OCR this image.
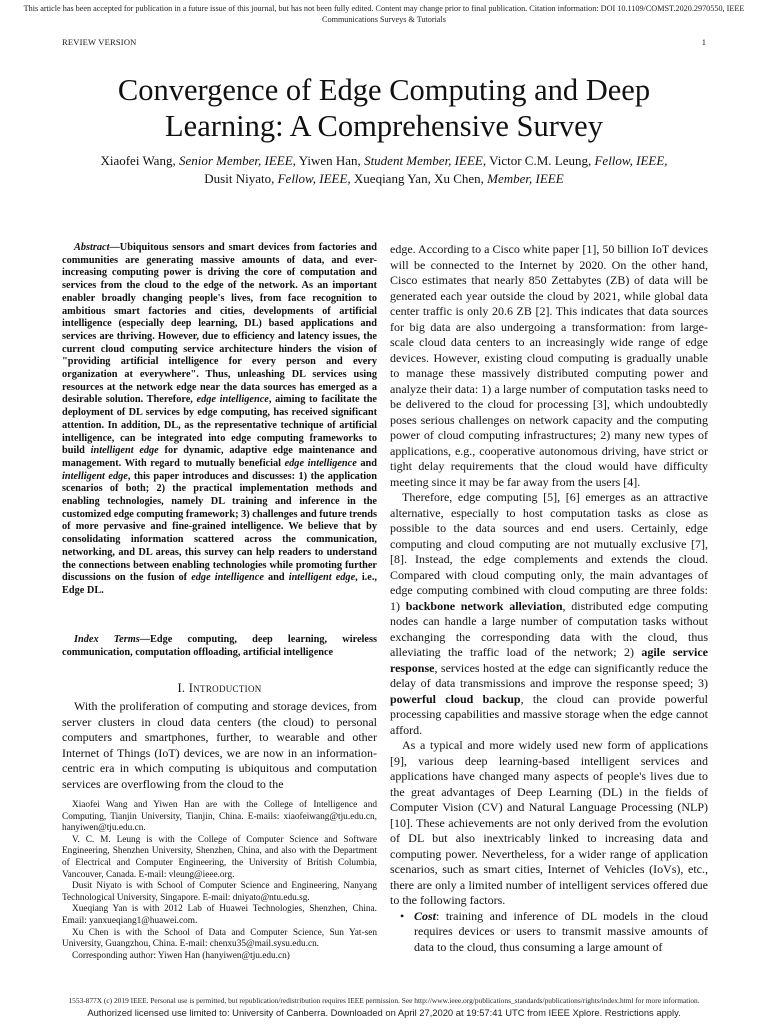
This article has been accepted for publication in a future issue of this journal, but has not been fully edited. Content may change prior to final publication. Citation information: DOI 10.1109/COMST.2020.2970550, IEEE Communications Surveys & Tutorials
REVIEW VERSION	1
Convergence of Edge Computing and Deep Learning: A Comprehensive Survey
Xiaofei Wang, Senior Member, IEEE, Yiwen Han, Student Member, IEEE, Victor C.M. Leung, Fellow, IEEE,
Dusit Niyato, Fellow, IEEE, Xueqiang Yan, Xu Chen, Member, IEEE
Abstract—Ubiquitous sensors and smart devices from factories and communities are generating massive amounts of data, and ever-increasing computing power is driving the core of computation and services from the cloud to the edge of the network. As an important enabler broadly changing people's lives, from face recognition to ambitious smart factories and cities, developments of artificial intelligence (especially deep learning, DL) based applications and services are thriving. However, due to efficiency and latency issues, the current cloud computing service architecture hinders the vision of "providing artificial intelligence for every person and every organization at everywhere". Thus, unleashing DL services using resources at the network edge near the data sources has emerged as a desirable solution. Therefore, edge intelligence, aiming to facilitate the deployment of DL services by edge computing, has received significant attention. In addition, DL, as the representative technique of artificial intelligence, can be integrated into edge computing frameworks to build intelligent edge for dynamic, adaptive edge maintenance and management. With regard to mutually beneficial edge intelligence and intelligent edge, this paper introduces and discusses: 1) the application scenarios of both; 2) the practical implementation methods and enabling technologies, namely DL training and inference in the customized edge computing framework; 3) challenges and future trends of more pervasive and fine-grained intelligence. We believe that by consolidating information scattered across the communication, networking, and DL areas, this survey can help readers to understand the connections between enabling technologies while promoting further discussions on the fusion of edge intelligence and intelligent edge, i.e., Edge DL.
Index Terms—Edge computing, deep learning, wireless communication, computation offloading, artificial intelligence
I. Introduction
With the proliferation of computing and storage devices, from server clusters in cloud data centers (the cloud) to personal computers and smartphones, further, to wearable and other Internet of Things (IoT) devices, we are now in an information-centric era in which computing is ubiquitous and computation services are overflowing from the cloud to the

Xiaofei Wang and Yiwen Han are with the College of Intelligence and Computing, Tianjin University, Tianjin, China. E-mails: xiaofeiwang@tju.edu.cn, hanyiwen@tju.edu.cn.

V. C. M. Leung is with the College of Computer Science and Software Engineering, Shenzhen University, Shenzhen, China, and also with the Department of Electrical and Computer Engineering, the University of British Columbia, Vancouver, Canada. E-mail: vleung@ieee.org.

Dusit Niyato is with School of Computer Science and Engineering, Nanyang Technological University, Singapore. E-mail: dniyato@ntu.edu.sg.

Xueqiang Yan is with 2012 Lab of Huawei Technologies, Shenzhen, China. Email: yanxueqiang1@huawei.com.

Xu Chen is with the School of Data and Computer Science, Sun Yat-sen University, Guangzhou, China. E-mail: chenxu35@mail.sysu.edu.cn.

Corresponding author: Yiwen Han (hanyiwen@tju.edu.cn)

edge. According to a Cisco white paper [1], 50 billion IoT devices will be connected to the Internet by 2020. On the other hand, Cisco estimates that nearly 850 Zettabytes (ZB) of data will be generated each year outside the cloud by 2021, while global data center traffic is only 20.6 ZB [2]. This indicates that data sources for big data are also undergoing a transformation: from large-scale cloud data centers to an increasingly wide range of edge devices. However, existing cloud computing is gradually unable to manage these massively distributed computing power and analyze their data: 1) a large number of computation tasks need to be delivered to the cloud for processing [3], which undoubtedly poses serious challenges on network capacity and the computing power of cloud computing infrastructures; 2) many new types of applications, e.g., cooperative autonomous driving, have strict or tight delay requirements that the cloud would have difficulty meeting since it may be far away from the users [4].

Therefore, edge computing [5], [6] emerges as an attractive alternative, especially to host computation tasks as close as possible to the data sources and end users. Certainly, edge computing and cloud computing are not mutually exclusive [7], [8]. Instead, the edge complements and extends the cloud. Compared with cloud computing only, the main advantages of edge computing combined with cloud computing are three folds: 1) backbone network alleviation, distributed edge computing nodes can handle a large number of computation tasks without exchanging the corresponding data with the cloud, thus alleviating the traffic load of the network; 2) agile service response, services hosted at the edge can significantly reduce the delay of data transmissions and improve the response speed; 3) powerful cloud backup, the cloud can provide powerful processing capabilities and massive storage when the edge cannot afford.

As a typical and more widely used new form of applications [9], various deep learning-based intelligent services and applications have changed many aspects of people's lives due to the great advantages of Deep Learning (DL) in the fields of Computer Vision (CV) and Natural Language Processing (NLP) [10]. These achievements are not only derived from the evolution of DL but also inextricably linked to increasing data and computing power. Nevertheless, for a wider range of application scenarios, such as smart cities, Internet of Vehicles (IoVs), etc., there are only a limited number of intelligent services offered due to the following factors.

• Cost: training and inference of DL models in the cloud requires devices or users to transmit massive amounts of data to the cloud, thus consuming a large amount of

1553-877X (c) 2019 IEEE. Personal use is permitted, but republication/redistribution requires IEEE permission. See http://www.ieee.org/publications_standards/publications/rights/index.html for more information.
Authorized licensed use limited to: University of Canberra. Downloaded on April 27,2020 at 19:57:41 UTC from IEEE Xplore. Restrictions apply.
